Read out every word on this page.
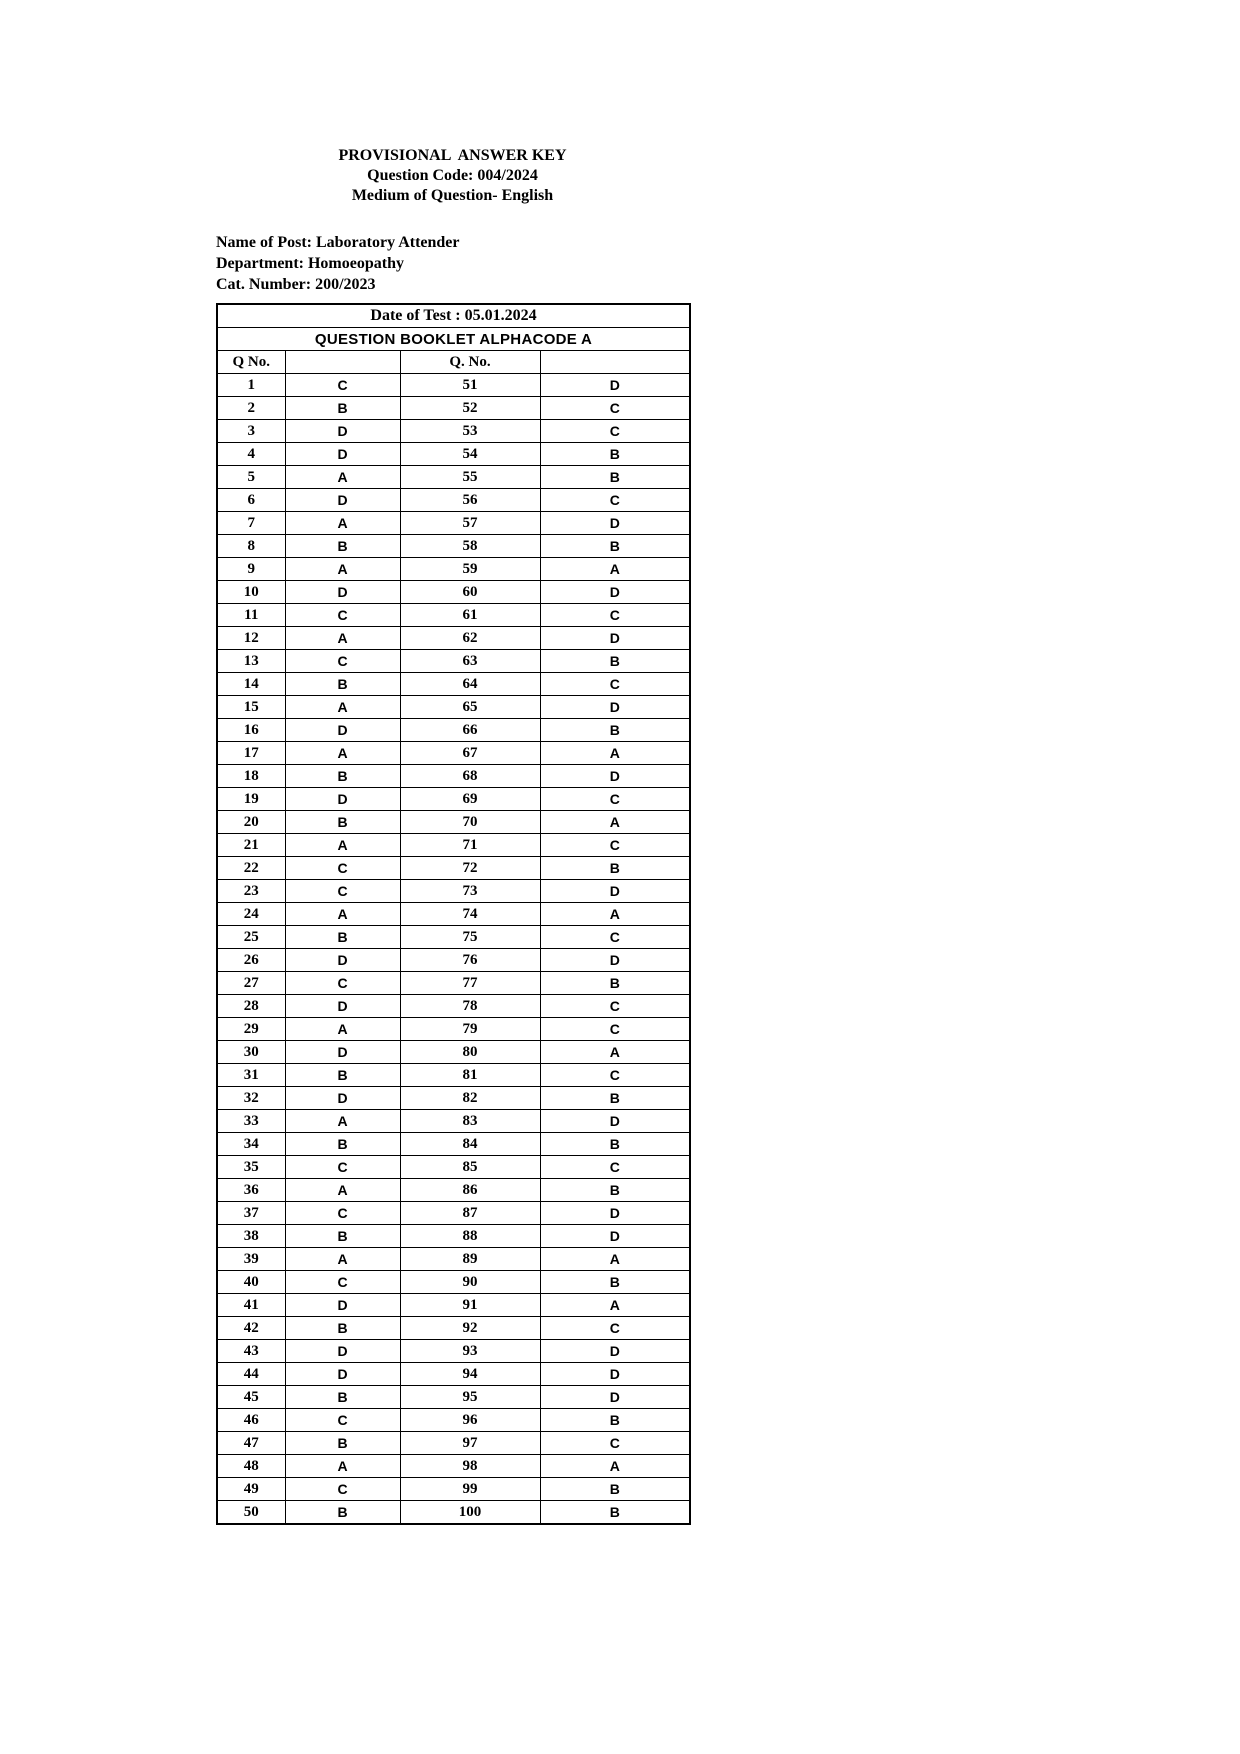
PROVISIONAL  ANSWER KEY
Question Code: 004/2024
Medium of Question- English
Name of Post: Laboratory Attender
Department: Homoeopathy
Cat. Number: 200/2023
Date of Test : 05.01.2024			
QUESTION BOOKLET ALPHACODE A			
Q No.		Q. No.	
1	C	51	D
2	B	52	C
3	D	53	C
4	D	54	B
5	A	55	B
6	D	56	C
7	A	57	D
8	B	58	B
9	A	59	A
10	D	60	D
11	C	61	C
12	A	62	D
13	C	63	B
14	B	64	C
15	A	65	D
16	D	66	B
17	A	67	A
18	B	68	D
19	D	69	C
20	B	70	A
21	A	71	C
22	C	72	B
23	C	73	D
24	A	74	A
25	B	75	C
26	D	76	D
27	C	77	B
28	D	78	C
29	A	79	C
30	D	80	A
31	B	81	C
32	D	82	B
33	A	83	D
34	B	84	B
35	C	85	C
36	A	86	B
37	C	87	D
38	B	88	D
39	A	89	A
40	C	90	B
41	D	91	A
42	B	92	C
43	D	93	D
44	D	94	D
45	B	95	D
46	C	96	B
47	B	97	C
48	A	98	A
49	C	99	B
50	B	100	B
